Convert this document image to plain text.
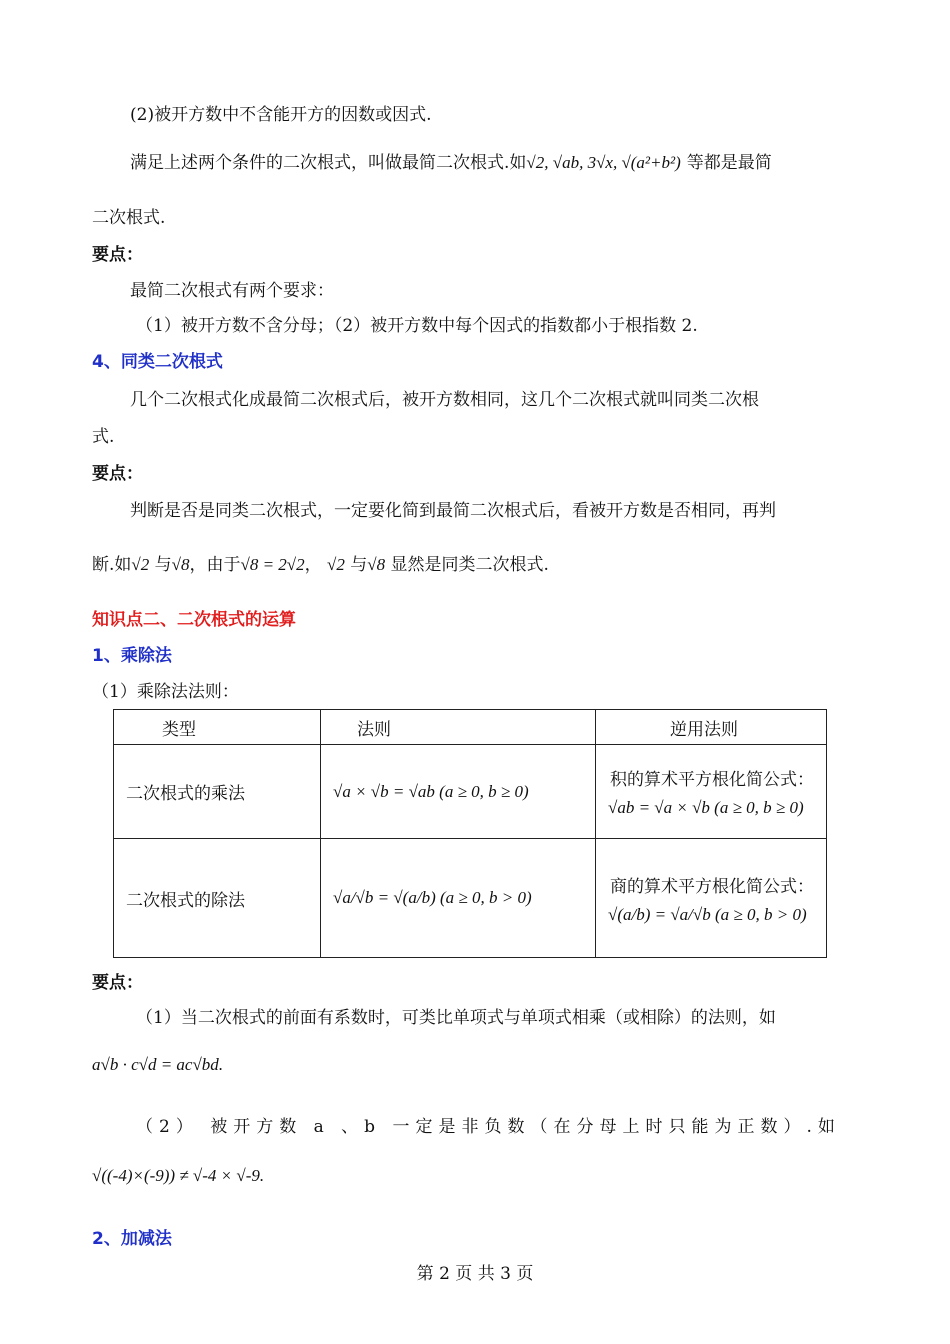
(2)被开方数中不含能开方的因数或因式.
满足上述两个条件的二次根式，叫做最简二次根式.如√2, √ab, 3√x, √(a²+b²) 等都是最简
二次根式.
要点：
最简二次根式有两个要求：
（1）被开方数不含分母；（2）被开方数中每个因式的指数都小于根指数 2.
4、同类二次根式
几个二次根式化成最简二次根式后，被开方数相同，这几个二次根式就叫同类二次根
式.
要点：
判断是否是同类二次根式，一定要化简到最简二次根式后，看被开方数是否相同，再判
断.如√2 与√8，由于√8 = 2√2， √2 与√8 显然是同类二次根式.
知识点二、二次根式的运算
1、乘除法
（1）乘除法法则：
类型	法则	逆用法则
二次根式的乘法	√a × √b = √ab (a ≥ 0, b ≥ 0)	积的算术平方根化简公式：
√ab = √a × √b (a ≥ 0, b ≥ 0)
二次根式的除法	√a/√b = √(a/b) (a ≥ 0, b > 0)	商的算术平方根化简公式：
√(a/b) = √a/√b (a ≥ 0, b > 0)
要点：
（1）当二次根式的前面有系数时，可类比单项式与单项式相乘（或相除）的法则，如
a√b · c√d = ac√bd.
（2） 被开方数 a 、b 一定是非负数（在分母上时只能为正数）.如
√((-4)×(-9)) ≠ √-4 × √-9.
2、加减法
第 2 页 共 3 页
